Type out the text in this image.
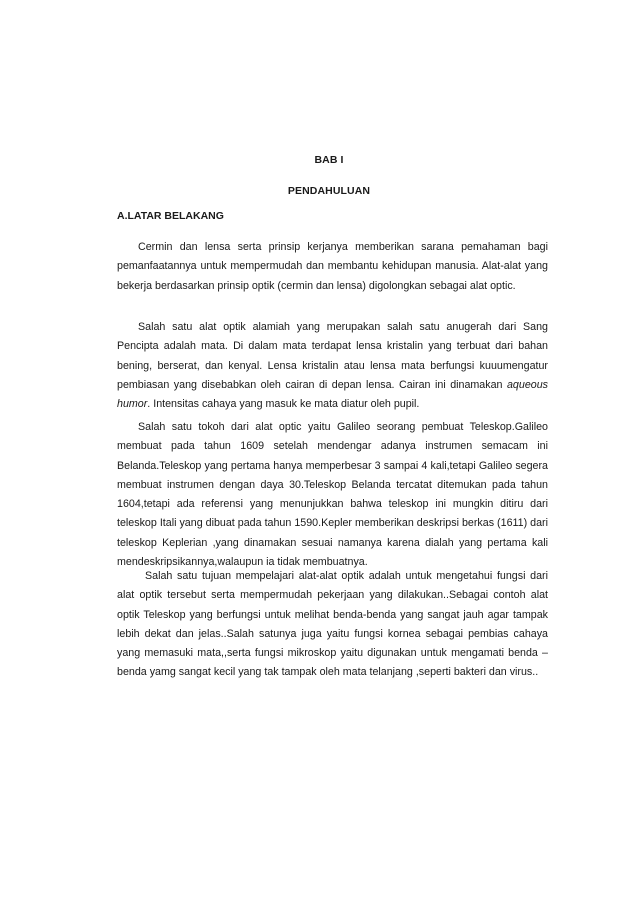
BAB I
PENDAHULUAN
A.LATAR BELAKANG

Cermin dan lensa serta prinsip kerjanya memberikan sarana pemahaman bagi pemanfaatannya untuk mempermudah dan membantu kehidupan manusia. Alat-alat yang bekerja berdasarkan prinsip optik (cermin dan lensa) digolongkan sebagai alat optic.

Salah satu alat optik alamiah yang merupakan salah satu anugerah dari Sang Pencipta adalah mata. Di dalam mata terdapat lensa kristalin yang terbuat dari bahan bening, berserat, dan kenyal. Lensa kristalin atau lensa mata berfungsi kuuumengatur pembiasan yang disebabkan oleh cairan di depan lensa. Cairan ini dinamakan aqueous humor. Intensitas cahaya yang masuk ke mata diatur oleh pupil.

Salah satu tokoh dari alat optic yaitu Galileo seorang pembuat Teleskop.Galileo membuat pada tahun 1609 setelah mendengar adanya instrumen semacam ini Belanda.Teleskop yang pertama hanya memperbesar 3 sampai 4 kali,tetapi Galileo segera membuat instrumen dengan daya 30.Teleskop Belanda tercatat ditemukan pada tahun 1604,tetapi ada referensi yang menunjukkan bahwa teleskop ini mungkin ditiru dari teleskop Itali yang dibuat pada tahun 1590.Kepler memberikan deskripsi berkas (1611) dari teleskop Keplerian ,yang dinamakan sesuai namanya karena dialah yang pertama kali mendeskripsikannya,walaupun ia tidak membuatnya.

Salah satu tujuan mempelajari alat-alat optik adalah untuk mengetahui fungsi dari alat optik tersebut serta mempermudah pekerjaan yang dilakukan..Sebagai contoh alat optik Teleskop yang berfungsi untuk melihat benda-benda yang sangat jauh agar tampak lebih dekat dan jelas..Salah satunya juga yaitu fungsi kornea sebagai pembias cahaya yang memasuki mata,,serta fungsi mikroskop yaitu digunakan untuk mengamati benda – benda yamg sangat kecil yang tak tampak oleh mata telanjang ,seperti bakteri dan virus..
